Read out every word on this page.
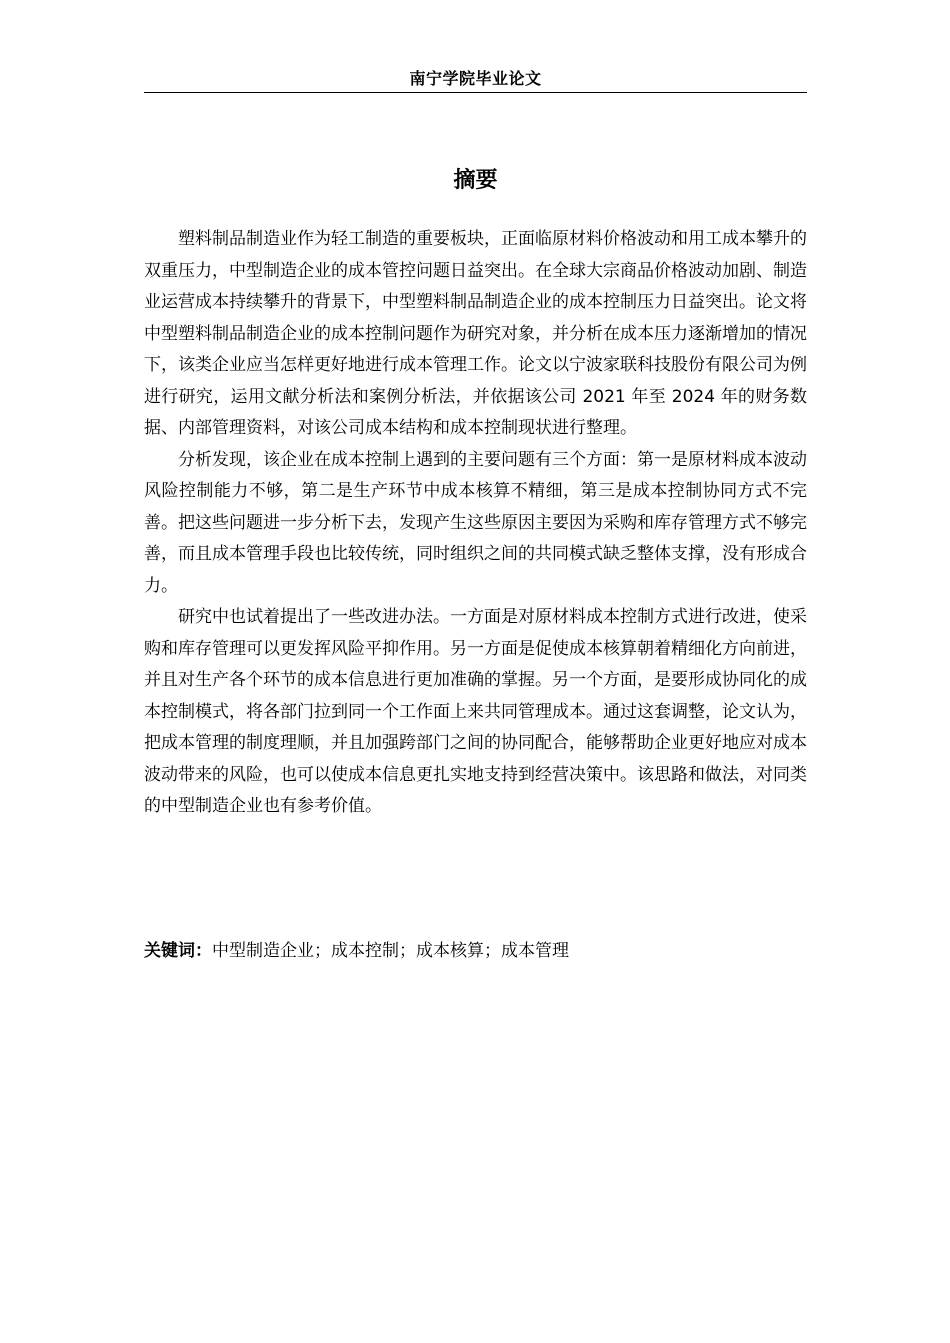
南宁学院毕业论文
摘要

塑料制品制造业作为轻工制造的重要板块，正面临原材料价格波动和用工成本攀升的双重压力，中型制造企业的成本管控问题日益突出。在全球大宗商品价格波动加剧、制造业运营成本持续攀升的背景下，中型塑料制品制造企业的成本控制压力日益突出。论文将中型塑料制品制造企业的成本控制问题作为研究对象，并分析在成本压力逐渐增加的情况下，该类企业应当怎样更好地进行成本管理工作。论文以宁波家联科技股份有限公司为例进行研究，运用文献分析法和案例分析法，并依据该公司 2021 年至 2024 年的财务数据、内部管理资料，对该公司成本结构和成本控制现状进行整理。

分析发现，该企业在成本控制上遇到的主要问题有三个方面：第一是原材料成本波动风险控制能力不够，第二是生产环节中成本核算不精细，第三是成本控制协同方式不完善。把这些问题进一步分析下去，发现产生这些原因主要因为采购和库存管理方式不够完善，而且成本管理手段也比较传统，同时组织之间的共同模式缺乏整体支撑，没有形成合力。

研究中也试着提出了一些改进办法。一方面是对原材料成本控制方式进行改进，使采购和库存管理可以更发挥风险平抑作用。另一方面是促使成本核算朝着精细化方向前进，并且对生产各个环节的成本信息进行更加准确的掌握。另一个方面，是要形成协同化的成本控制模式，将各部门拉到同一个工作面上来共同管理成本。通过这套调整，论文认为，把成本管理的制度理顺，并且加强跨部门之间的协同配合，能够帮助企业更好地应对成本波动带来的风险，也可以使成本信息更扎实地支持到经营决策中。该思路和做法，对同类的中型制造企业也有参考价值。

关键词：中型制造企业；成本控制；成本核算；成本管理
